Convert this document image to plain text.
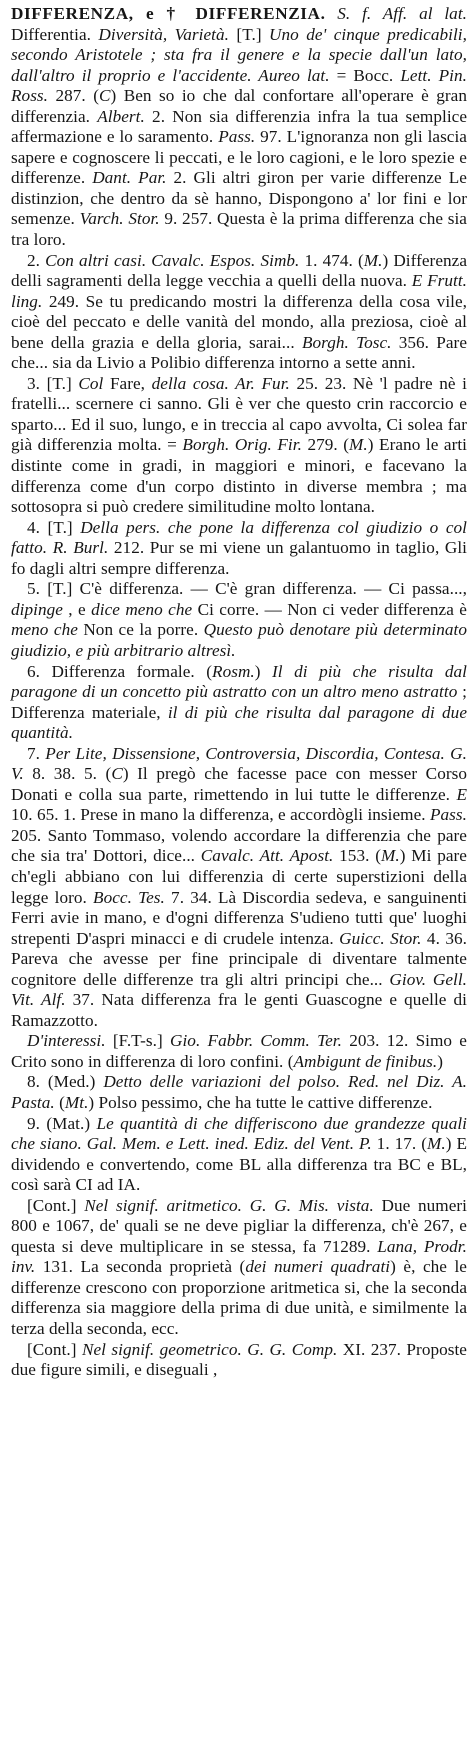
DIFFERENZA, e † DIFFERENZIA. S. f. Aff. al lat. Differentia. Diversità, Varietà. [T.] Uno de' cinque predicabili, secondo Aristotele ; sta fra il genere e la specie dall'un lato, dall'altro il proprio e l'accidente. Aureo lat. = Bocc. Lett. Pin. Ross. 287. (C) Ben so io che dal confortare all'operare è gran differenzia. Albert. 2. Non sia differenzia infra la tua semplice affermazione e lo saramento. Pass. 97. L'ignoranza non gli lascia sapere e cognoscere li peccati, e le loro cagioni, e le loro spezie e differenze. Dant. Par. 2. Gli altri giron per varie differenze Le distinzion, che dentro da sè hanno, Dispongono a' lor fini e lor semenze. Varch. Stor. 9. 257. Questa è la prima differenza che sia tra loro.

2. Con altri casi. Cavalc. Espos. Simb. 1. 474. (M.) Differenza delli sagramenti della legge vecchia a quelli della nuova. E Frutt. ling. 249. Se tu predicando mostri la differenza della cosa vile, cioè del peccato e delle vanità del mondo, alla preziosa, cioè al bene della grazia e della gloria, sarai... Borgh. Tosc. 356. Pare che... sia da Livio a Polibio differenza intorno a sette anni.

3. [T.] Col Fare, della cosa. Ar. Fur. 25. 23. Nè 'l padre nè i fratelli... scernere ci sanno. Gli è ver che questo crin raccorcio e sparto... Ed il suo, lungo, e in treccia al capo avvolta, Ci solea far già differenzia molta. = Borgh. Orig. Fir. 279. (M.) Erano le arti distinte come in gradi, in maggiori e minori, e facevano la differenza come d'un corpo distinto in diverse membra ; ma sottosopra si può credere similitudine molto lontana.

4. [T.] Della pers. che pone la differenza col giudizio o col fatto. R. Burl. 212. Pur se mi viene un galantuomo in taglio, Gli fo dagli altri sempre differenza.

5. [T.] C'è differenza. — C'è gran differenza. — Ci passa..., dipinge , e dice meno che Ci corre. — Non ci veder differenza è meno che Non ce la porre. Questo può denotare più determinato giudizio, e più arbitrario altresì.

6. Differenza formale. (Rosm.) Il di più che risulta dal paragone di un concetto più astratto con un altro meno astratto ; Differenza materiale, il di più che risulta dal paragone di due quantità.

7. Per Lite, Dissensione, Controversia, Discordia, Contesa. G. V. 8. 38. 5. (C) Il pregò che facesse pace con messer Corso Donati e colla sua parte, rimettendo in lui tutte le differenze. E 10. 65. 1. Prese in mano la differenza, e accordògli insieme. Pass. 205. Santo Tommaso, volendo accordare la differenzia che pare che sia tra' Dottori, dice... Cavalc. Att. Apost. 153. (M.) Mi pare ch'egli abbiano con lui differenzia di certe superstizioni della legge loro. Bocc. Tes. 7. 34. Là Discordia sedeva, e sanguinenti Ferri avie in mano, e d'ogni differenza S'udieno tutti que' luoghi strepenti D'aspri minacci e di crudele intenza. Guicc. Stor. 4. 36. Pareva che avesse per fine principale di diventare talmente cognitore delle differenze tra gli altri principi che... Giov. Gell. Vit. Alf. 37. Nata differenza fra le genti Guascogne e quelle di Ramazzotto.

D'interessi. [F.T-s.] Gio. Fabbr. Comm. Ter. 203. 12. Simo e Crito sono in differenza di loro confini. (Ambigunt de finibus.)

8. (Med.) Detto delle variazioni del polso. Red. nel Diz. A. Pasta. (Mt.) Polso pessimo, che ha tutte le cattive differenze.

9. (Mat.) Le quantità di che differiscono due grandezze quali che siano. Gal. Mem. e Lett. ined. Ediz. del Vent. P. 1. 17. (M.) E dividendo e convertendo, come BL alla differenza tra BC e BL, così sarà CI ad IA.

[Cont.] Nel signif. aritmetico. G. G. Mis. vista. Due numeri 800 e 1067, de' quali se ne deve pigliar la differenza, ch'è 267, e questa si deve multiplicare in se stessa, fa 71289. Lana, Prodr. inv. 131. La seconda proprietà (dei numeri quadrati) è, che le differenze crescono con proporzione aritmetica si, che la seconda differenza sia maggiore della prima di due unità, e similmente la terza della seconda, ecc.

[Cont.] Nel signif. geometrico. G. G. Comp. XI. 237. Proposte due figure simili, e diseguali ,
